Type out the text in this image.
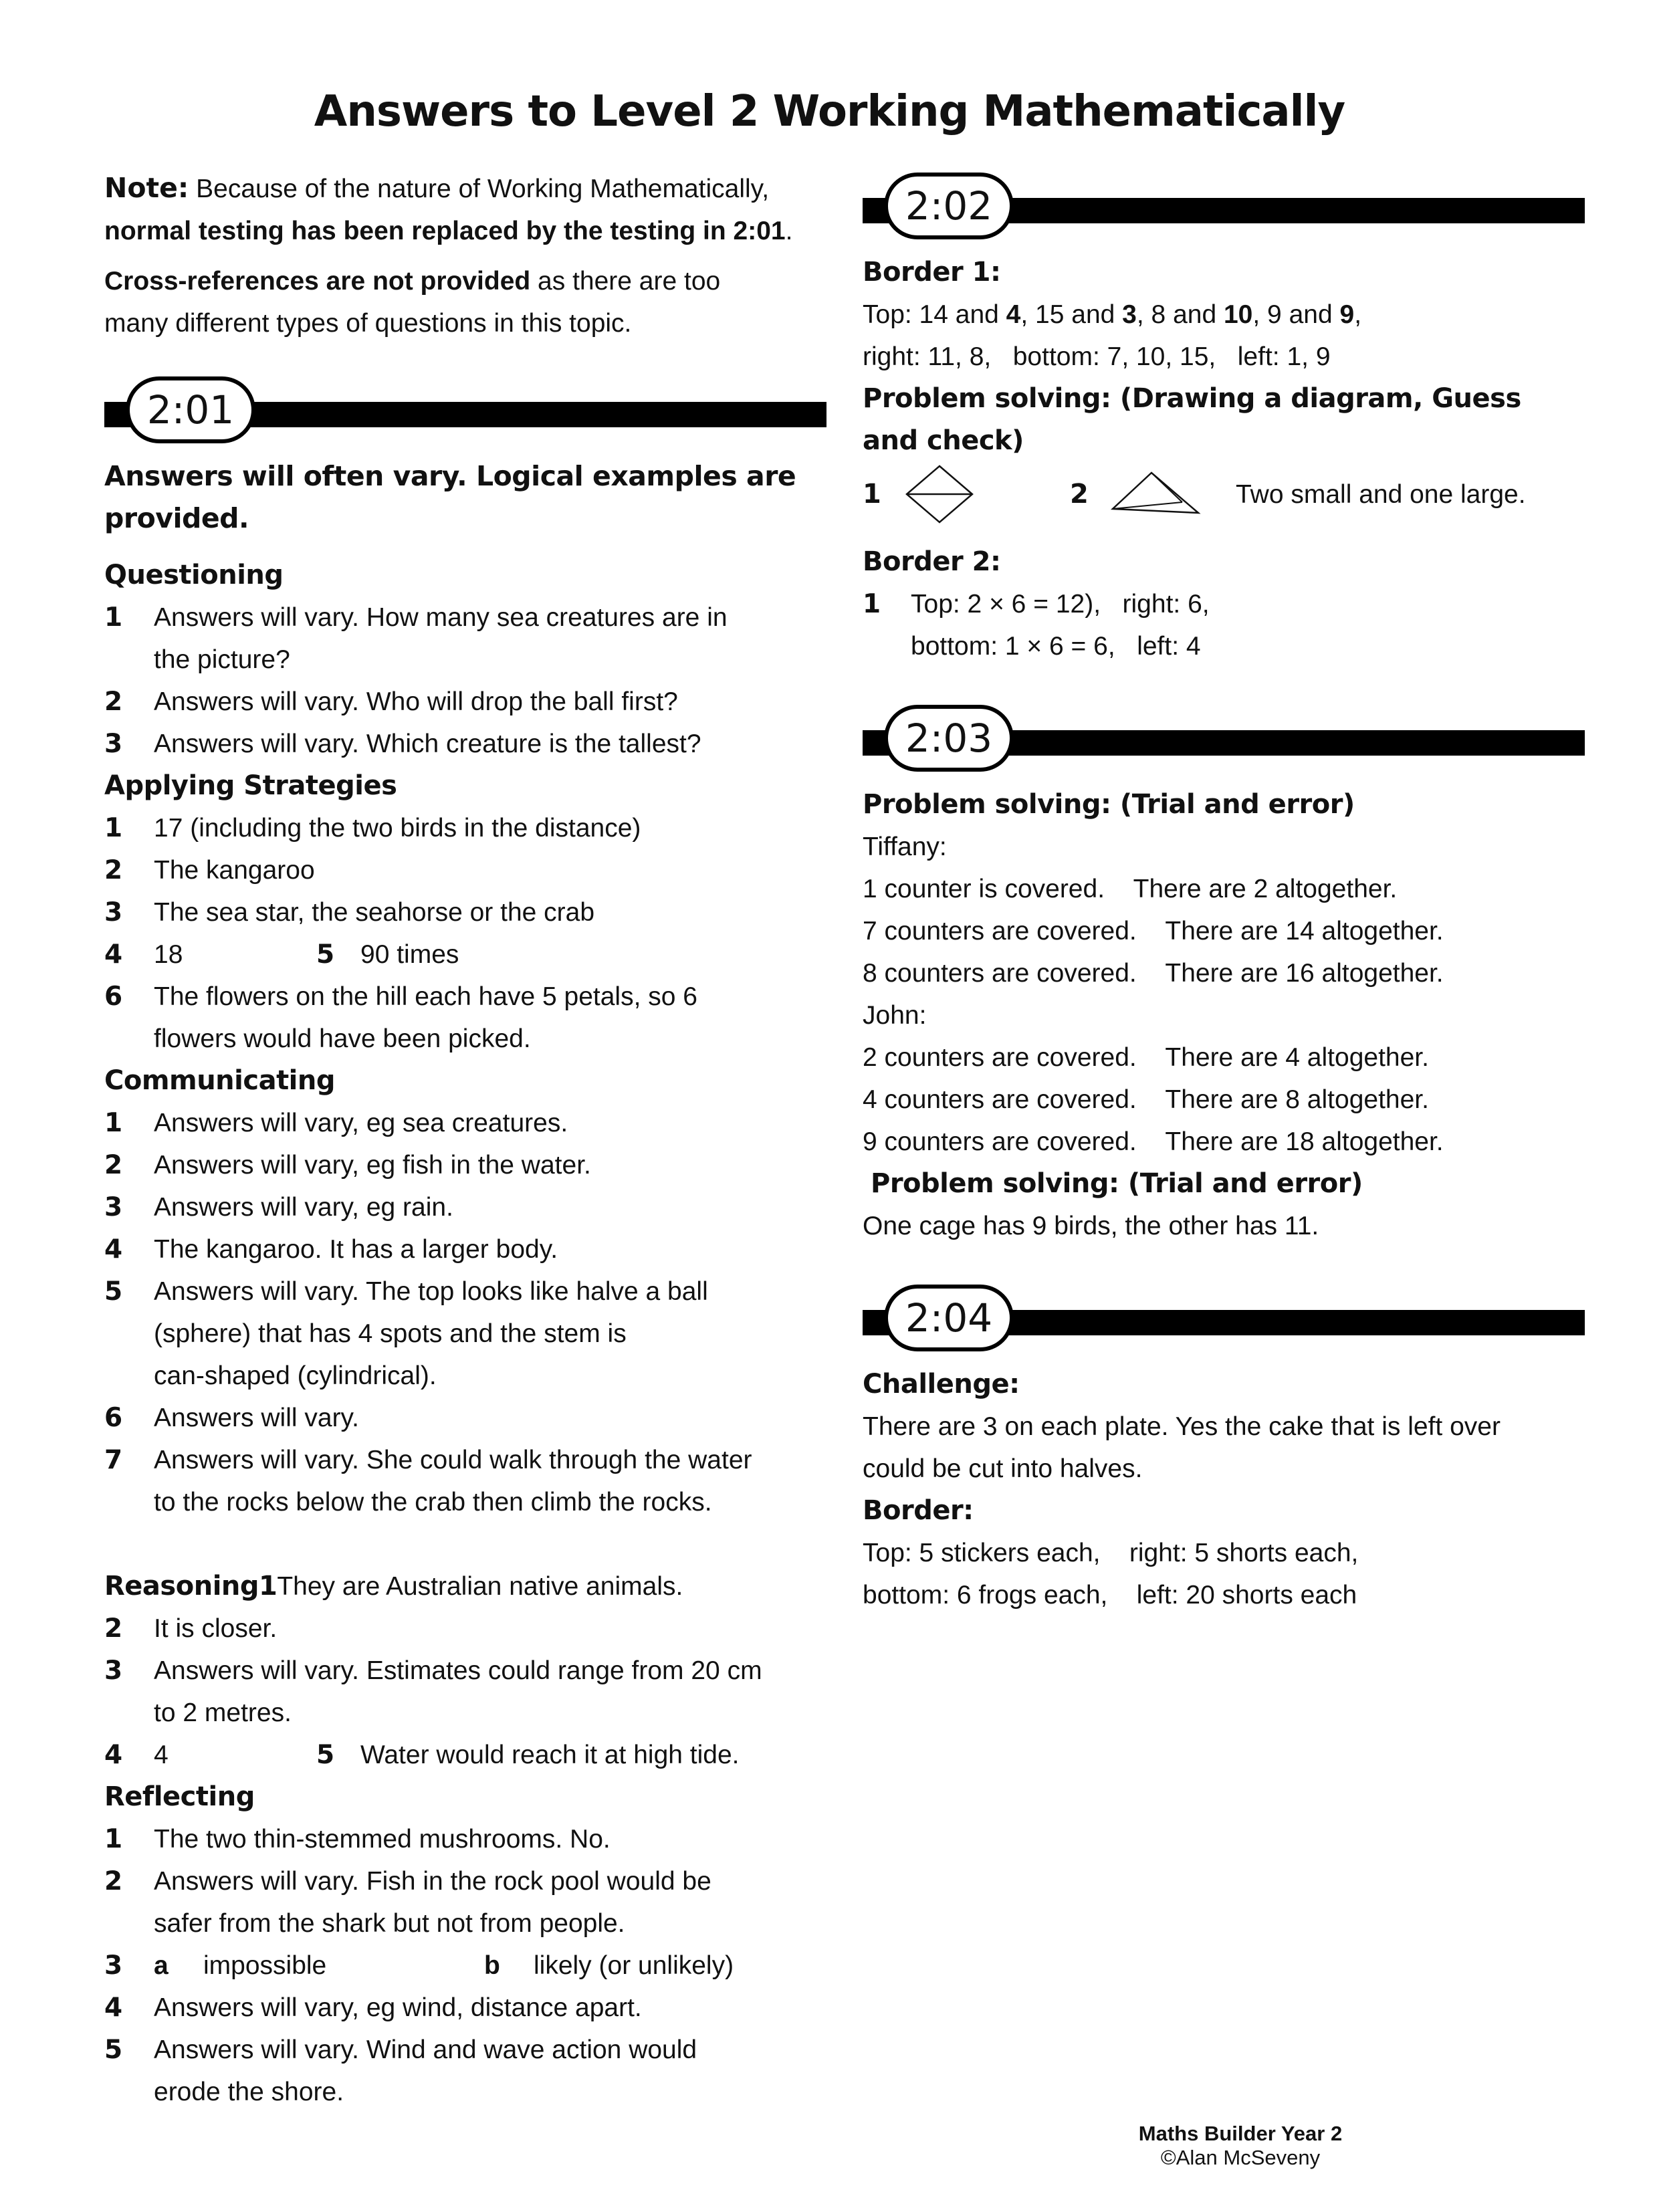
Answers to Level 2 Working Mathematically

Note: Because of the nature of Working Mathematically,
normal testing has been replaced by the testing in 2:01.

Cross-references are not provided as there are too
many different types of questions in this topic.

2:01

Answers will often vary. Logical examples are provided.

Questioning

1	Answers will vary. How many sea creatures are in
the picture?
2	Answers will vary. Who will drop the ball first?
3	Answers will vary. Which creature is the tallest?

Applying Strategies

1	17 (including the two birds in the distance)
2	The kangaroo
3	The sea star, the seahorse or the crab
4	18	5 90 times
6	The flowers on the hill each have 5 petals, so 6
flowers would have been picked.

Communicating

1	Answers will vary, eg sea creatures.
2	Answers will vary, eg fish in the water.
3	Answers will vary, eg rain.
4	The kangaroo. It has a larger body.
5	Answers will vary. The top looks like halve a ball
(sphere) that has 4 spots and the stem is
can-shaped (cylindrical).
6	Answers will vary.
7	Answers will vary. She could walk through the water
to the rocks below the crab then climb the rocks.
Reasoning 1 They are Australian native animals.
2	It is closer.
3	Answers will vary. Estimates could range from 20 cm
to 2 metres.
4	4	5 Water would reach it at high tide.

Reflecting

1	The two thin-stemmed mushrooms. No.
2	Answers will vary. Fish in the rock pool would be
safer from the shark but not from people.
3	a	impossible	b	likely (or unlikely)
4	Answers will vary, eg wind, distance apart.
5	Answers will vary. Wind and wave action would
erode the shore.
2:02

Border 1:

Top: 14 and 4, 15 and 3, 8 and 10, 9 and 9,

right: 11, 8,   bottom: 7, 10, 15,   left: 1, 9

Problem solving: (Drawing a diagram, Guess and check)

1	2	Two small and one large.

Border 2:

1	Top: 2 × 6 = 12),   right: 6,
bottom: 1 × 6 = 6,   left: 4
2:03

Problem solving: (Trial and error)

Tiffany:

1 counter is covered.    There are 2 altogether.

7 counters are covered.    There are 14 altogether.

8 counters are covered.    There are 16 altogether.

John:

2 counters are covered.    There are 4 altogether.

4 counters are covered.    There are 8 altogether.

9 counters are covered.    There are 18 altogether.

Problem solving: (Trial and error)

One cage has 9 birds, the other has 11.

2:04

Challenge:

There are 3 on each plate. Yes the cake that is left over

could be cut into halves.

Border:

Top: 5 stickers each,    right: 5 shorts each,

bottom: 6 frogs each,    left: 20 shorts each

Maths Builder Year 2
©Alan McSeveny
